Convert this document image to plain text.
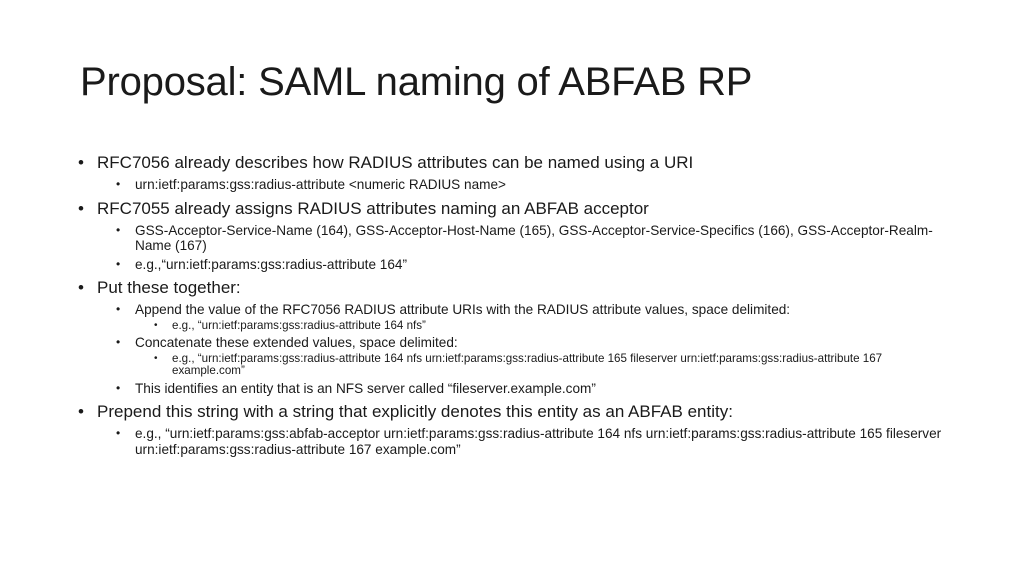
Proposal: SAML naming of ABFAB RP
• RFC7056 already describes how RADIUS attributes can be named using a URI
• urn:ietf:params:gss:radius-attribute <numeric RADIUS name>
• RFC7055 already assigns RADIUS attributes naming an ABFAB acceptor
• GSS-Acceptor-Service-Name (164), GSS-Acceptor-Host-Name (165), GSS-Acceptor-Service-Specifics (166), GSS-Acceptor-Realm-Name (167)
• e.g.,“urn:ietf:params:gss:radius-attribute 164”
• Put these together:
• Append the value of the RFC7056 RADIUS attribute URIs with the RADIUS attribute values, space delimited:
• e.g., “urn:ietf:params:gss:radius-attribute 164 nfs”
• Concatenate these extended values, space delimited:
• e.g., “urn:ietf:params:gss:radius-attribute 164 nfs urn:ietf:params:gss:radius-attribute 165 fileserver urn:ietf:params:gss:radius-attribute 167 example.com”
• This identifies an entity that is an NFS server called “fileserver.example.com”
• Prepend this string with a string that explicitly denotes this entity as an ABFAB entity:
• e.g., “urn:ietf:params:gss:abfab-acceptor urn:ietf:params:gss:radius-attribute 164 nfs urn:ietf:params:gss:radius-attribute 165 fileserver urn:ietf:params:gss:radius-attribute 167 example.com”
